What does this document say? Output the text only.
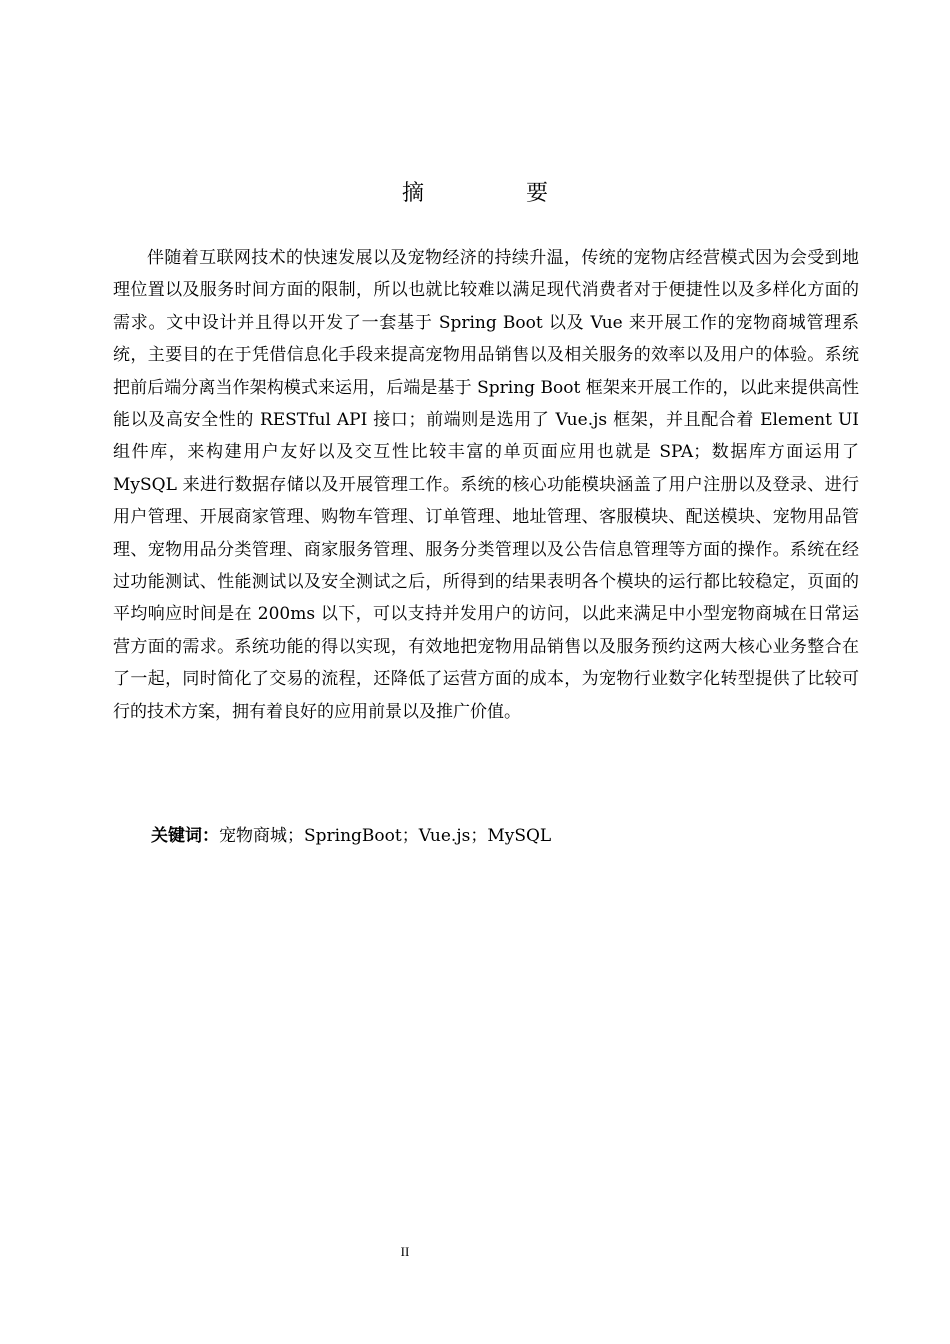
摘　要

伴随着互联网技术的快速发展以及宠物经济的持续升温，传统的宠物店经营模式因为会受到地理位置以及服务时间方面的限制，所以也就比较难以满足现代消费者对于便捷性以及多样化方面的需求。文中设计并且得以开发了一套基于 Spring Boot 以及 Vue 来开展工作的宠物商城管理系统，主要目的在于凭借信息化手段来提高宠物用品销售以及相关服务的效率以及用户的体验。系统把前后端分离当作架构模式来运用，后端是基于 Spring Boot 框架来开展工作的，以此来提供高性能以及高安全性的 RESTful API 接口；前端则是选用了 Vue.js 框架，并且配合着 Element UI 组件库，来构建用户友好以及交互性比较丰富的单页面应用也就是 SPA；数据库方面运用了 MySQL 来进行数据存储以及开展管理工作。系统的核心功能模块涵盖了用户注册以及登录、进行用户管理、开展商家管理、购物车管理、订单管理、地址管理、客服模块、配送模块、宠物用品管理、宠物用品分类管理、商家服务管理、服务分类管理以及公告信息管理等方面的操作。系统在经过功能测试、性能测试以及安全测试之后，所得到的结果表明各个模块的运行都比较稳定，页面的平均响应时间是在 200ms 以下，可以支持并发用户的访问，以此来满足中小型宠物商城在日常运营方面的需求。系统功能的得以实现，有效地把宠物用品销售以及服务预约这两大核心业务整合在了一起，同时简化了交易的流程，还降低了运营方面的成本，为宠物行业数字化转型提供了比较可行的技术方案，拥有着良好的应用前景以及推广价值。

关键词：宠物商城；SpringBoot；Vue.js；MySQL
II
